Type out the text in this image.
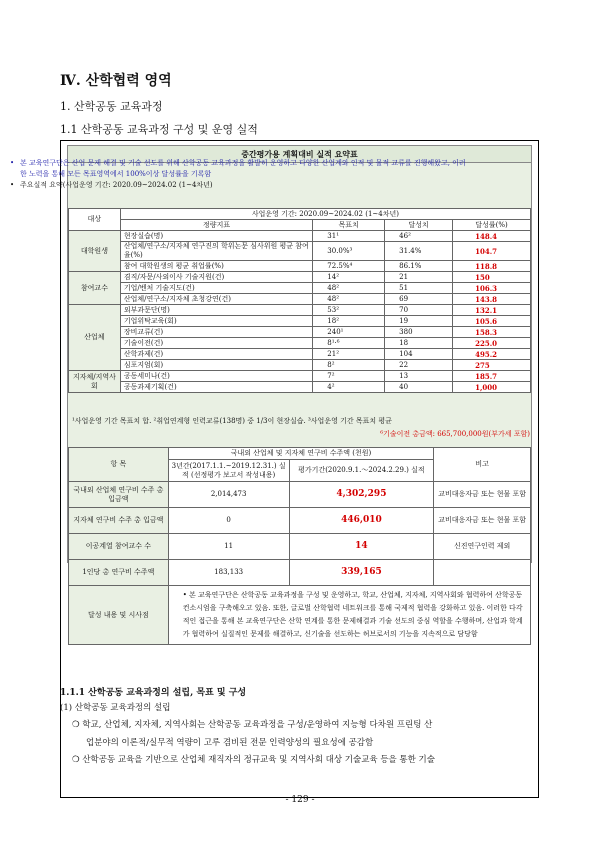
Ⅳ. 산학협력 영역
1. 산학공동 교육과정
1.1 산학공동 교육과정 구성 및 운영 실적
중간평가용 계획대비 실적 요약표
• 본 교육연구단은 산업 문제 해결 및 기술 선도를 위해 산학공동 교육과정을 활발히 운영하고 다양한 산업계와 인적 및 물적 교류를 진행해왔고, 이러한 노력을 통해 모든 목표영역에서 100%이상 달성률을 기록함
• 주요실적 요약(사업운영 기간: 2020.09~2024.02 (1~4차년)
대상	사업운영 기간: 2020.09~2024.02 (1~4차년)			
	정량지표	목표치	달성치	달성률(%)
대학원생	현장실습(명)	31¹	46²	148.4
	산업체/연구소/지자체 연구진의 학위논문 심사위원 평균 참여율(%)	30.0%³	31.4%	104.7
	참여 대학원생의 평균 취업률(%)	72.5%⁴	86.1%	118.8
참여교수	겸직/자문/사외이사 기술지원(건)	14²	21	150
	기업/벤처 기술지도(건)	48²	51	106.3
	산업체/연구소/지자체 초청강연(건)	48²	69	143.8
산업체	외부과문단(명)	53²	70	132.1
	기업위탁교육(회)	18²	19	105.6
	장비교류(건)	240¹	380	158.3
	기술이전(건)	8¹·⁶	18	225.0
	산학과제(건)	21²	104	495.2
	심포지엄(회)	8²	22	275
지자체/지역사회	공동세미나(건)	7²	13	185.7
	공동과제기획(건)	4²	40	1,000
¹사업운영 기간 목표치 합. ²취업연계형 인력교류(138명) 중 1/3이 현장실습. ³사업운영 기간 목표치 평균
⁶기술이전 총금액: 665,700,000원(부가세 포함)
항 목	국내외 산업체 및 지자체 연구비 수주액 (천원)		비고
	3년간(2017.1.1.~2019.12.31.) 실적 (선정평가 보고서 작성내용)	평가기간(2020.9.1.～2024.2.29.) 실적	
국내외 산업체 연구비 수주 총 입금액	2,014,473	4,302,295	교비대응자금 또는 현물 포함
지자체 연구비 수주 총 입금액	0	446,010	교비대응자금 또는 현물 포함
이공계열 참여교수 수	11	14	신진연구인력 제외
1인당 총 연구비 수주액	183,133	339,165	
달성 내용 및 시사점	• 본 교육연구단은 산학공동 교육과정을 구성 및 운영하고, 학교, 산업체, 지자체, 지역사회와 협력하여 산학공동 컨소시엄을 구축해오고 있음. 또한, 글로벌 산학협력 네트워크를 통해 국제적 협력을 강화하고 있음. 이러한 다각적인 접근을 통해 본 교육연구단은 산학 연계를 통한 문제해결과 기술 선도의 중심 역할을 수행하며, 산업과 학계가 협력하여 실질적인 문제를 해결하고, 신기술을 선도하는 허브로서의 기능을 지속적으로 담당함		
1.1.1 산학공동 교육과정의 설립, 목표 및 구성
(1) 산학공동 교육과정의 설립
❍ 학교, 산업체, 지자체, 지역사회는 산학공동 교육과정을 구성/운영하여 지능형 다차원 프린팅 산
업분야의 이론적/실무적 역량이 고루 겸비된 전문 인력양성의 필요성에 공감함
❍ 산학공동 교육을 기반으로 산업체 재직자의 정규교육 및 지역사회 대상 기술교육 등을 통한 기술
- 129 -
